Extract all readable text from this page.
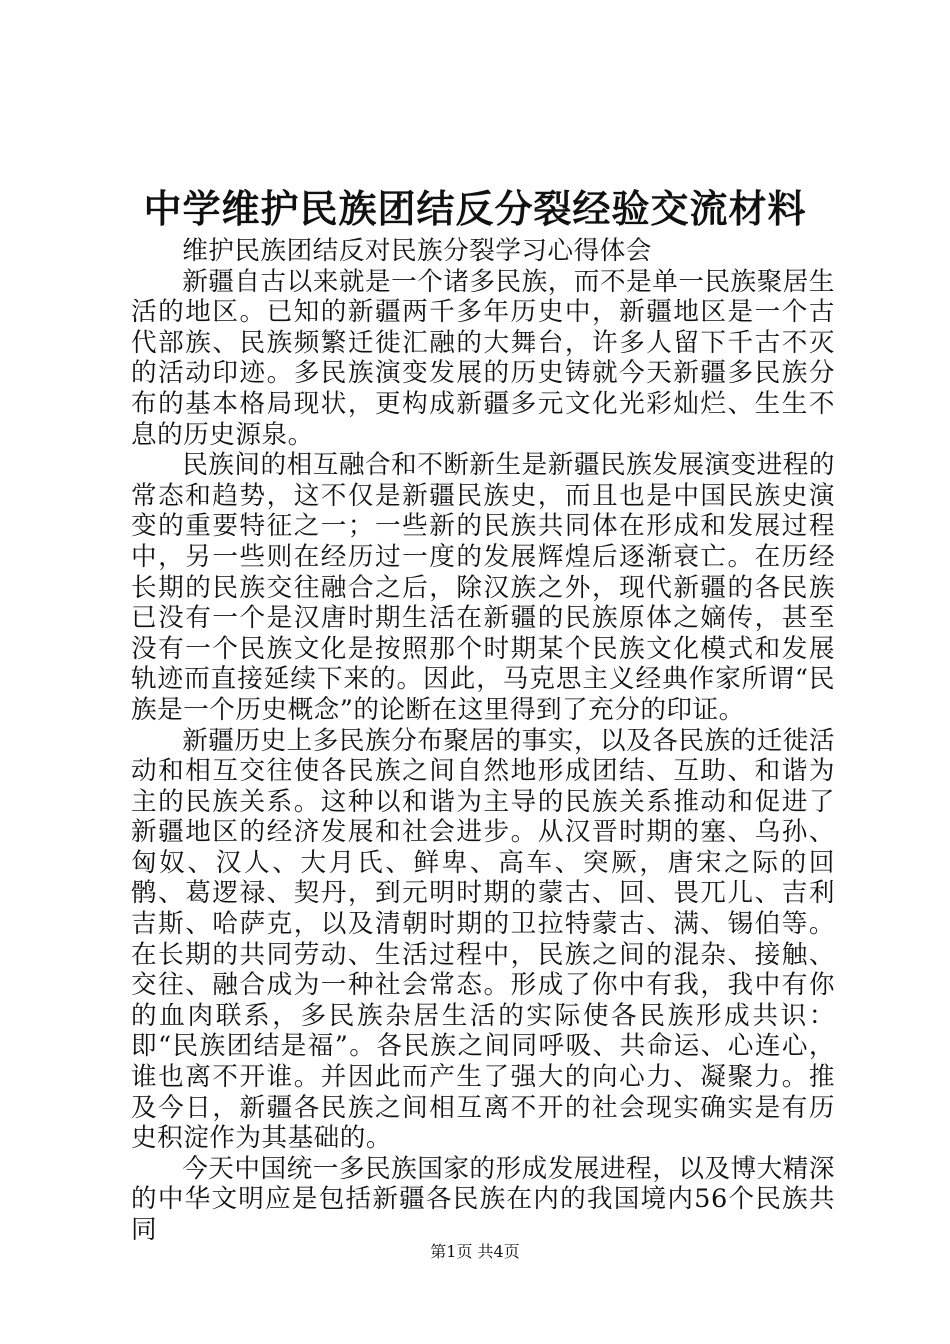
中学维护民族团结反分裂经验交流材料

维护民族团结反对民族分裂学习心得体会

新疆自古以来就是一个诸多民族，而不是单一民族聚居生活的地区。已知的新疆两千多年历史中，新疆地区是一个古代部族、民族频繁迁徙汇融的大舞台，许多人留下千古不灭的活动印迹。多民族演变发展的历史铸就今天新疆多民族分布的基本格局现状，更构成新疆多元文化光彩灿烂、生生不息的历史源泉。

民族间的相互融合和不断新生是新疆民族发展演变进程的常态和趋势，这不仅是新疆民族史，而且也是中国民族史演变的重要特征之一；一些新的民族共同体在形成和发展过程中，另一些则在经历过一度的发展辉煌后逐渐衰亡。在历经长期的民族交往融合之后，除汉族之外，现代新疆的各民族已没有一个是汉唐时期生活在新疆的民族原体之嫡传，甚至没有一个民族文化是按照那个时期某个民族文化模式和发展轨迹而直接延续下来的。因此，马克思主义经典作家所谓“民族是一个历史概念”的论断在这里得到了充分的印证。

新疆历史上多民族分布聚居的事实，以及各民族的迁徙活动和相互交往使各民族之间自然地形成团结、互助、和谐为主的民族关系。这种以和谐为主导的民族关系推动和促进了新疆地区的经济发展和社会进步。从汉晋时期的塞、乌孙、匈奴、汉人、大月氏、鲜卑、高车、突厥，唐宋之际的回鹘、葛逻禄、契丹，到元明时期的蒙古、回、畏兀儿、吉利吉斯、哈萨克，以及清朝时期的卫拉特蒙古、满、锡伯等。在长期的共同劳动、生活过程中，民族之间的混杂、接触、交往、融合成为一种社会常态。形成了你中有我，我中有你的血肉联系，多民族杂居生活的实际使各民族形成共识：即“民族团结是福”。各民族之间同呼吸、共命运、心连心，谁也离不开谁。并因此而产生了强大的向心力、凝聚力。推及今日，新疆各民族之间相互离不开的社会现实确实是有历史积淀作为其基础的。

今天中国统一多民族国家的形成发展进程，以及博大精深的中华文明应是包括新疆各民族在内的我国境内56个民族共同

第1页 共4页
